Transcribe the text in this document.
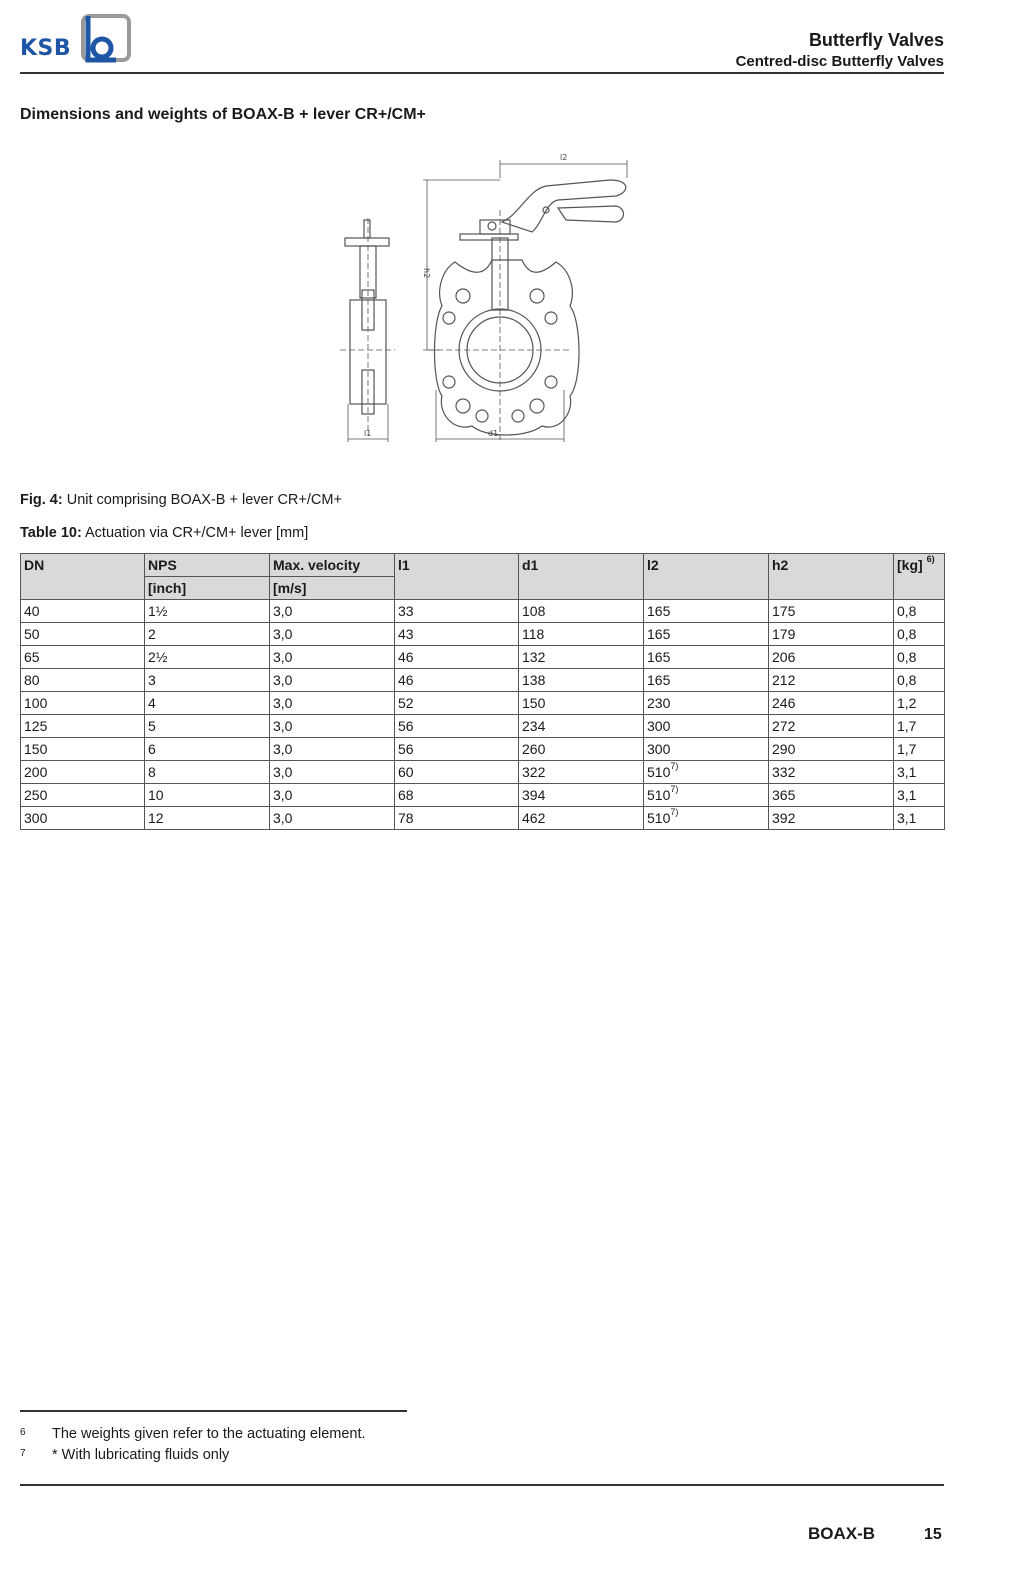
KSB	Butterfly Valves
Centred-disc Butterfly Valves
Dimensions and weights of BOAX-B + lever CR+/CM+
l2
h2
l1	d1
Fig. 4: Unit comprising BOAX-B + lever CR+/CM+
Table 10: Actuation via CR+/CM+ lever [mm]
DN	NPS	Max. velocity	l1	d1	l2	h2	[kg] $^{6)}$
	[inch]	[m/s]					
40	1½	3,0	33	108	165	175	0,8
50	2	3,0	43	118	165	179	0,8
65	2½	3,0	46	132	165	206	0,8
80	3	3,0	46	138	165	212	0,8
100	4	3,0	52	150	230	246	1,2
125	5	3,0	56	234	300	272	1,7
150	6	3,0	56	260	300	290	1,7
200	8	3,0	60	322	510$^{7)}$	332	3,1
250	10	3,0	68	394	510$^{7)}$	365	3,1
300	12	3,0	78	462	510$^{7)}$	392	3,1
6 The weights given refer to the actuating element.
7 * With lubricating fluids only
BOAX-B	15
